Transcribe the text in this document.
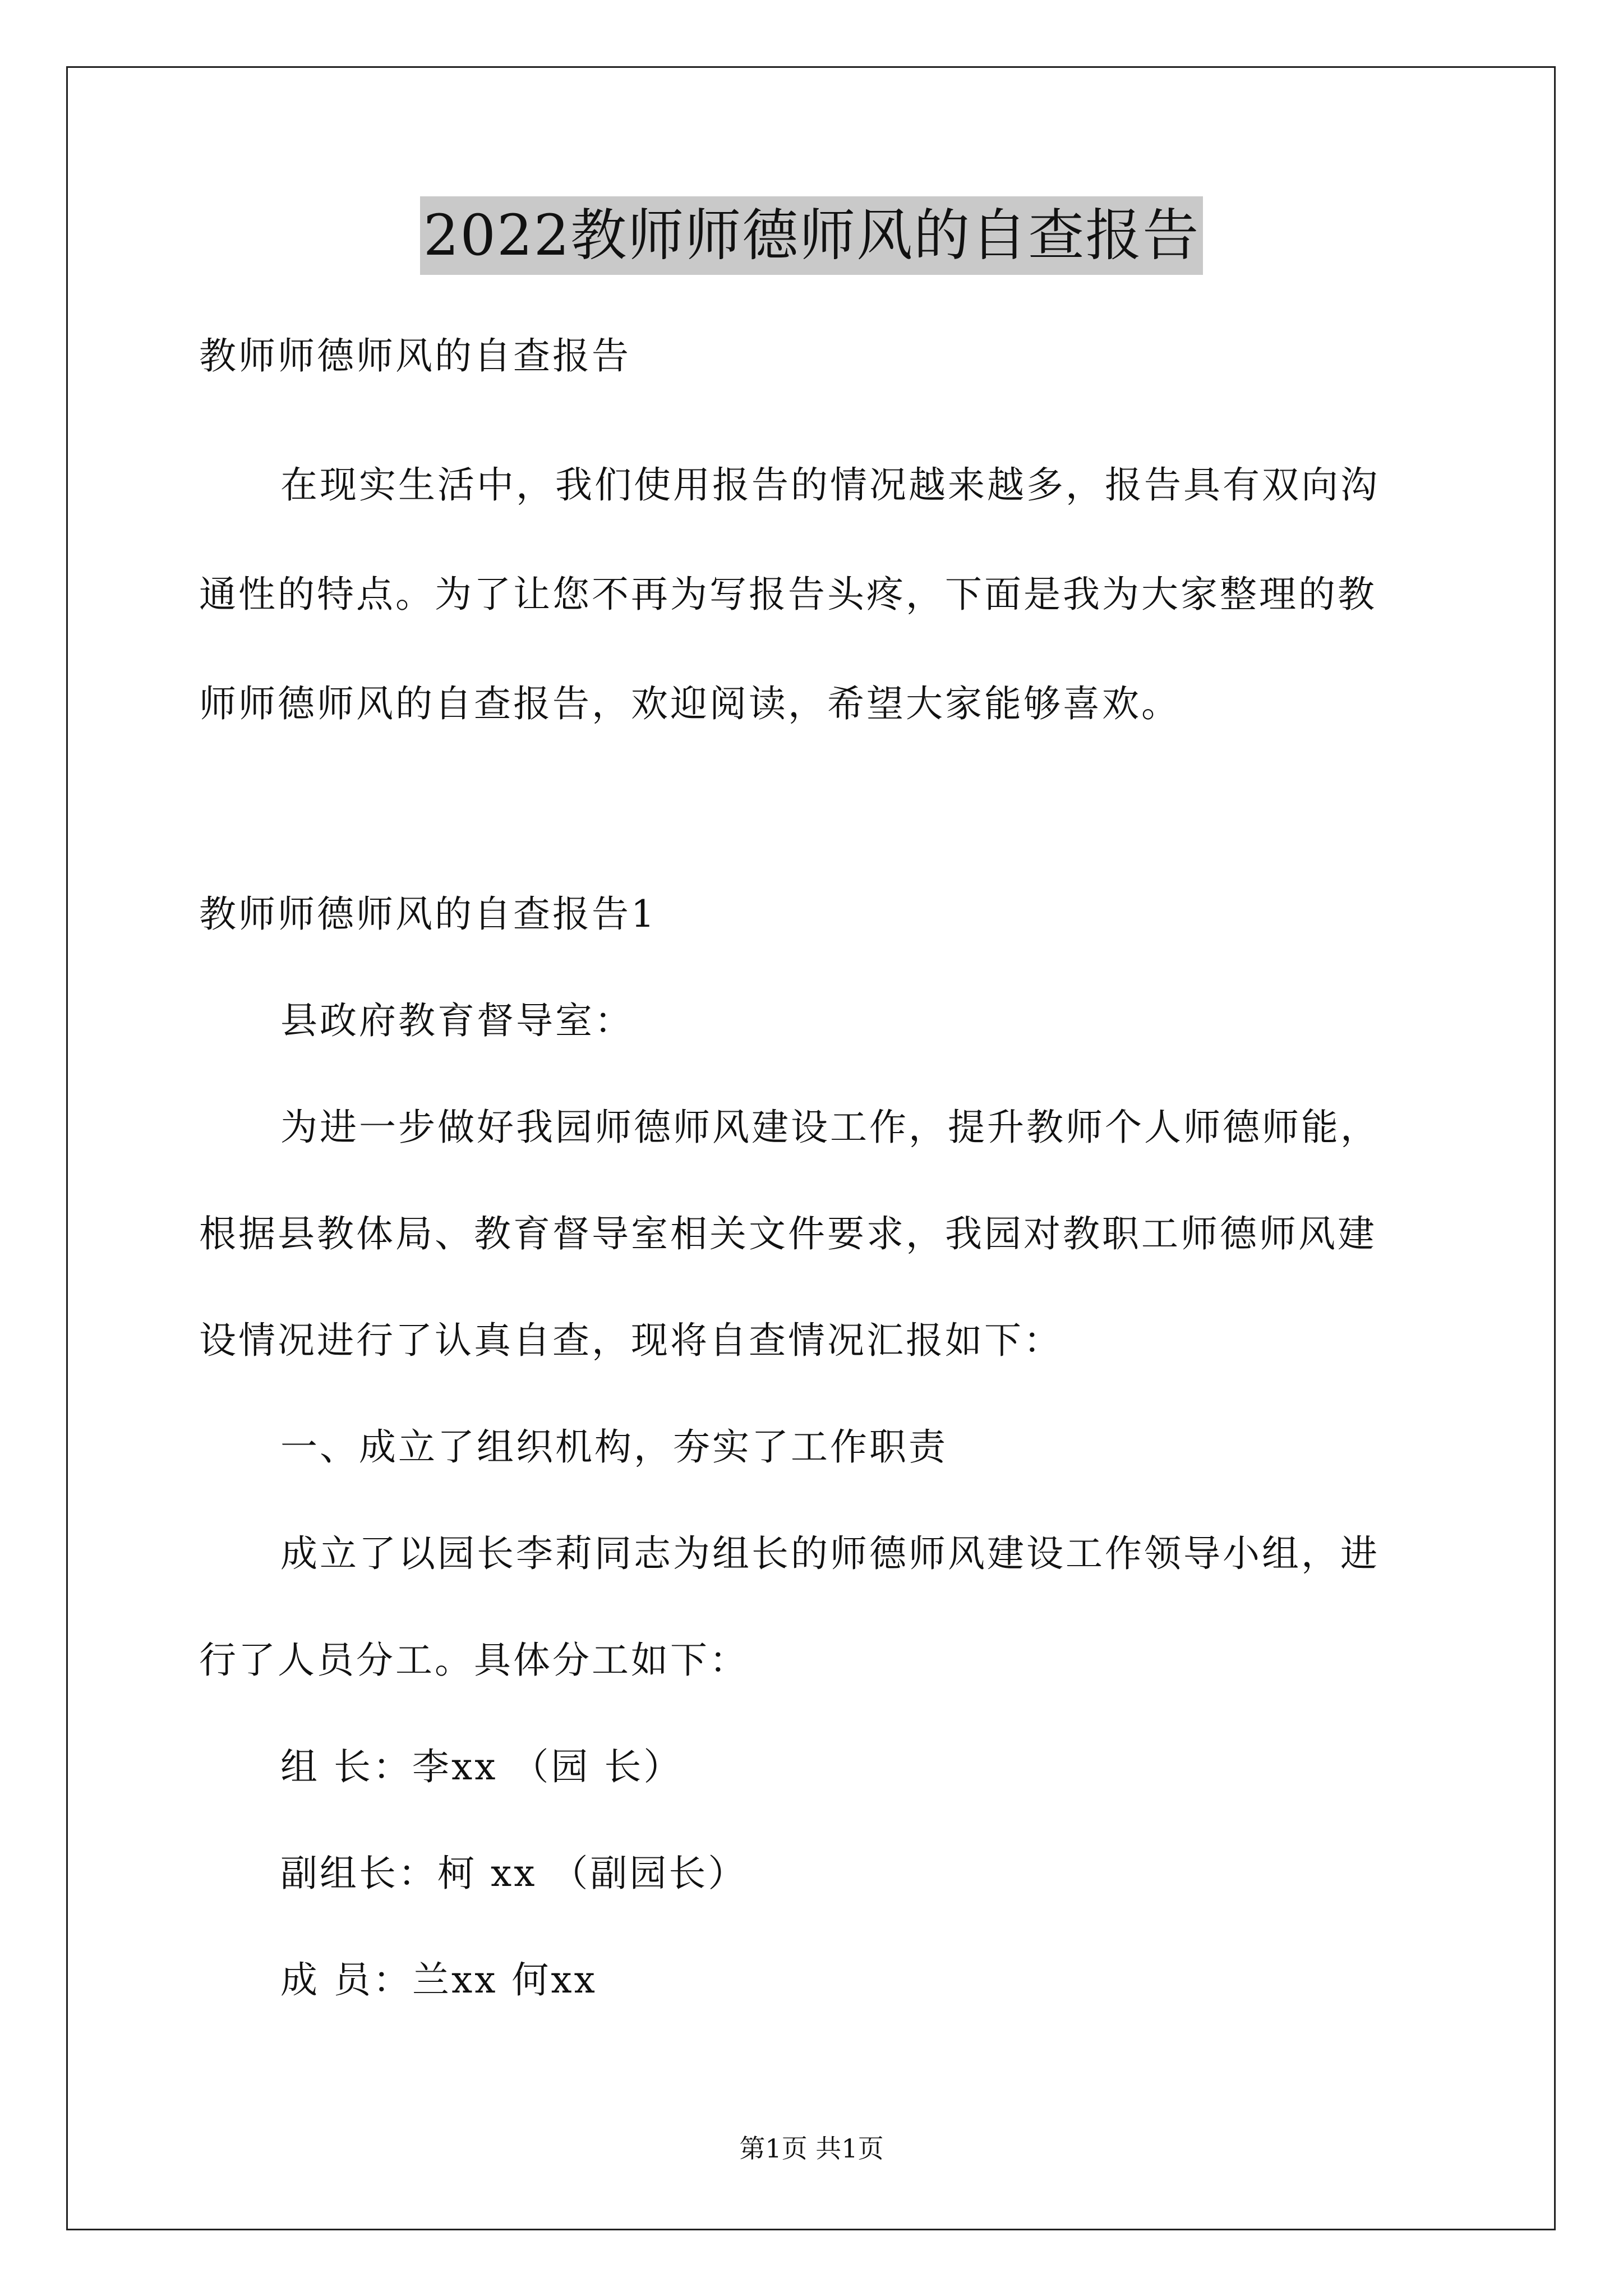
2022教师师德师风的自查报告
教师师德师风的自查报告
在现实生活中，我们使用报告的情况越来越多，报告具有双向沟
通性的特点。为了让您不再为写报告头疼，下面是我为大家整理的教
师师德师风的自查报告，欢迎阅读，希望大家能够喜欢。
教师师德师风的自查报告1
县政府教育督导室：
为进一步做好我园师德师风建设工作，提升教师个人师德师能，
根据县教体局、教育督导室相关文件要求，我园对教职工师德师风建
设情况进行了认真自查，现将自查情况汇报如下：
一、成立了组织机构，夯实了工作职责
成立了以园长李莉同志为组长的师德师风建设工作领导小组，进
行了人员分工。具体分工如下：
组 长：李xx （园 长）
副组长：柯 xx （副园长）
成 员：兰xx 何xx
第1页 共1页
